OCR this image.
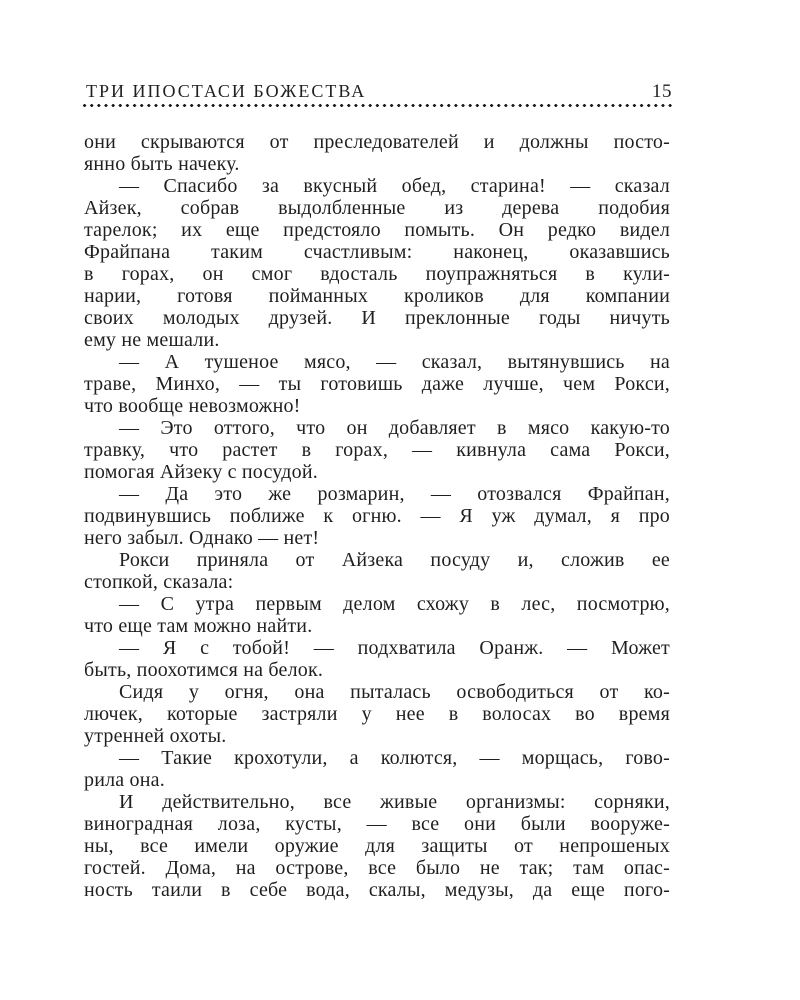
ТРИ ИПОСТАСИ БОЖЕСТВА	15
они скрываются от преследователей и должны посто-
янно быть начеку.
— Спасибо за вкусный обед, старина! — сказал
Айзек, собрав выдолбленные из дерева подобия
тарелок; их еще предстояло помыть. Он редко видел
Фрайпана таким счастливым: наконец, оказавшись
в горах, он смог вдосталь поупражняться в кули-
нарии, готовя пойманных кроликов для компании
своих молодых друзей. И преклонные годы ничуть
ему не мешали.
— А тушеное мясо, — сказал, вытянувшись на
траве, Минхо, — ты готовишь даже лучше, чем Рокси,
что вообще невозможно!
— Это оттого, что он добавляет в мясо какую-то
травку, что растет в горах, — кивнула сама Рокси,
помогая Айзеку с посудой.
— Да это же розмарин, — отозвался Фрайпан,
подвинувшись поближе к огню. — Я уж думал, я про
него забыл. Однако — нет!
Рокси приняла от Айзека посуду и, сложив ее
стопкой, сказала:
— С утра первым делом схожу в лес, посмотрю,
что еще там можно найти.
— Я с тобой! — подхватила Оранж. — Может
быть, поохотимся на белок.
Сидя у огня, она пыталась освободиться от ко-
лючек, которые застряли у нее в волосах во время
утренней охоты.
— Такие крохотули, а колются, — морщась, гово-
рила она.
И действительно, все живые организмы: сорняки,
виноградная лоза, кусты, — все они были вооруже-
ны, все имели оружие для защиты от непрошеных
гостей. Дома, на острове, все было не так; там опас-
ность таили в себе вода, скалы, медузы, да еще пого-
